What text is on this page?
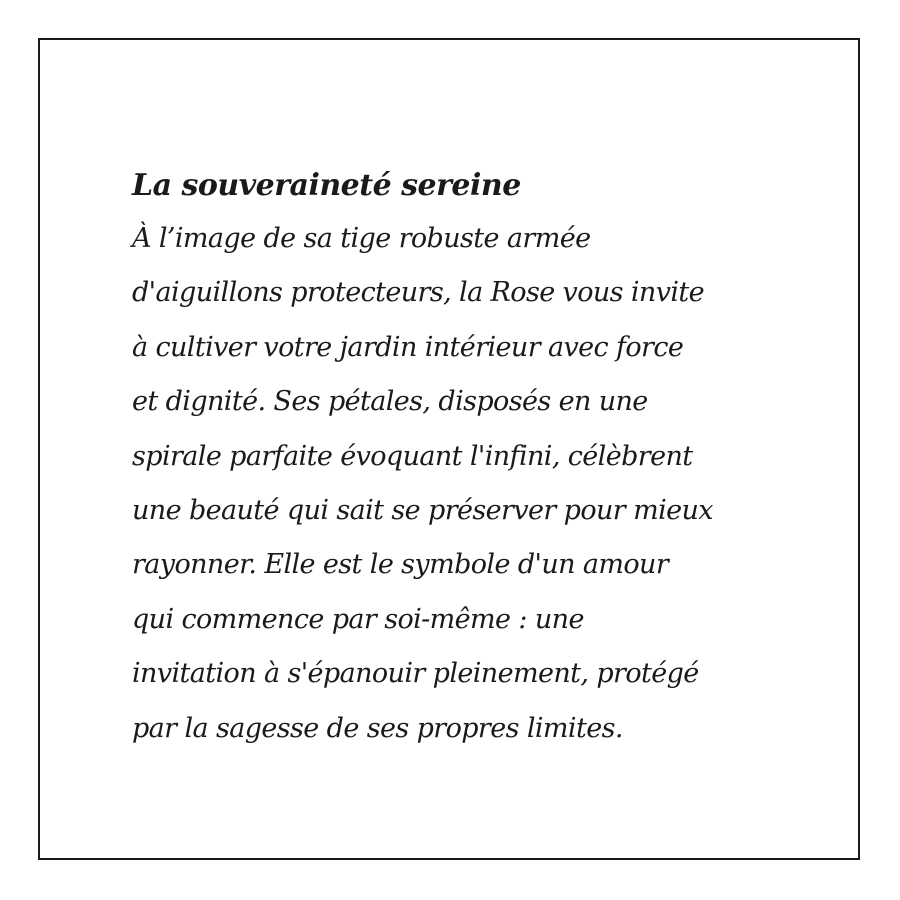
La souveraineté sereine
À l’image de sa tige robuste armée
d'aiguillons protecteurs, la Rose vous invite
à cultiver votre jardin intérieur avec force
et dignité. Ses pétales, disposés en une
spirale parfaite évoquant l'infini, célèbrent
une beauté qui sait se préserver pour mieux
rayonner. Elle est le symbole d'un amour
qui commence par soi-même : une
invitation à s'épanouir pleinement, protégé
par la sagesse de ses propres limites.
